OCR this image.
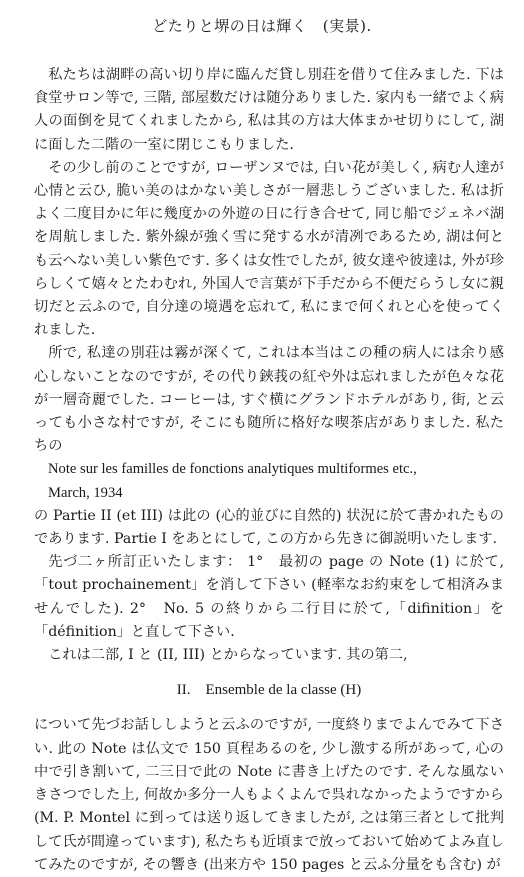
どたりと堺の日は輝く　(実景).

私たちは湖畔の高い切り岸に臨んだ貸し別荘を借りて住みました. 下は食堂サロン等で, 三階, 部屋数だけは随分ありました. 家内も一緒でよく病人の面倒を見てくれましたから, 私は其の方は大体まかせ切りにして, 湖に面した二階の一室に閉じこもりました.

その少し前のことですが, ローザンヌでは, 白い花が美しく, 病む人達が心情と云ひ, 脆い美のはかない美しさが一層悲しうございました. 私は折よく二度目かに年に幾度かの外遊の日に行き合せて, 同じ船でジェネバ湖を周航しました. 紫外線が強く雪に発する水が清冽であるため, 湖は何とも云へない美しい紫色です. 多くは女性でしたが, 彼女達や彼達は, 外が珍らしくて嬉々とたわむれ, 外国人で言葉が下手だから不便だらうし女に親切だと云ふので, 自分達の境遇を忘れて, 私にまで何くれと心を使ってくれました.

所で, 私達の別荘は霧が深くて, これは本当はこの種の病人には余り感心しないことなのですが, その代り鋏莪の紅や外は忘れましたが色々な花が一層奇麗でした. コーヒーは, すぐ横にグランドホテルがあり, 街, と云っても小さな村ですが, そこにも随所に格好な喫茶店がありました. 私たちの

Note sur les familles de fonctions analytiques multiformes etc.,

March, 1934

の Partie II (et III) は此の (心的並びに自然的) 状況に於て書かれたものであります. Partie I をあとにして, この方から先きに御説明いたします.

先づ二ヶ所訂正いたします： 1°　最初の page の Note (1) に於て,「tout prochainement」を消して下さい (軽率なお約束をして相済みませんでした). 2°　No. 5 の終りから二行目に於て,「difinition」を「définition」と直して下さい.

これは二部, I と (II, III) とからなっています. 其の第二,

II.　Ensemble de la classe (H)

について先づお話ししようと云ふのですが, 一度終りまでよんでみて下さい. 此の Note は仏文で 150 頁程あるのを, 少し激する所があって, 心の中で引き割いて, 二三日で此の Note に書き上げたのです. そんな風ないきさつでした上, 何故か多分一人もよくよんで呉れなかったようですから (M. P. Montel に到っては送り返してきましたが, 之は第三者として批判して氏が間違っています), 私たちも近頃まで放っておいて始めてよみ直してみたのですが, その響き (出来方や 150 pages と云ふ分量をも含む) が
